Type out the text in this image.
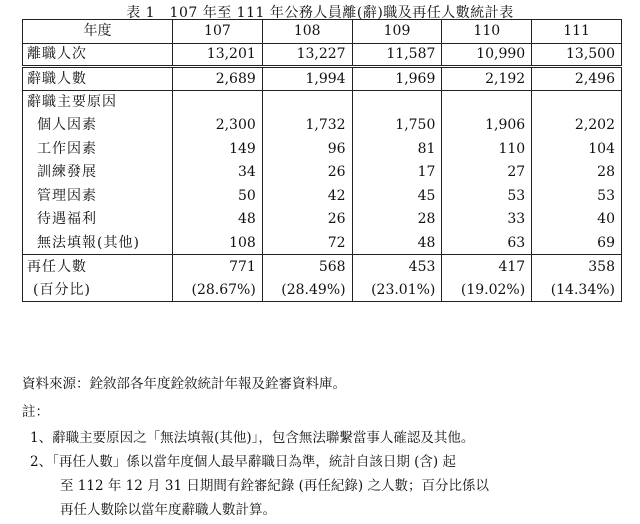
表 1　107 年至 111 年公務人員離(辭)職及再任人數統計表
年度	107	108	109	110	111
離職人次	13,201	13,227	11,587	10,990	13,500
辭職人數	2,689	1,994	1,969	2,192	2,496
辭職主要原因					
個人因素	2,300	1,732	1,750	1,906	2,202
工作因素	149	96	81	110	104
訓練發展	34	26	17	27	28
管理因素	50	42	45	53	53
待遇福利	48	26	28	33	40
無法填報(其他)	108	72	48	63	69
再任人數	771	568	453	417	358
(百分比)	(28.67%)	(28.49%)	(23.01%)	(19.02%)	(14.34%)
資料來源：銓敘部各年度銓敘統計年報及銓審資料庫。
註：
1、辭職主要原因之「無法填報(其他)」，包含無法聯繫當事人確認及其他。
2、「再任人數」係以當年度個人最早辭職日為準，統計自該日期 (含) 起
至 112 年 12 月 31 日期間有銓審紀錄 (再任紀錄) 之人數；百分比係以
再任人數除以當年度辭職人數計算。
